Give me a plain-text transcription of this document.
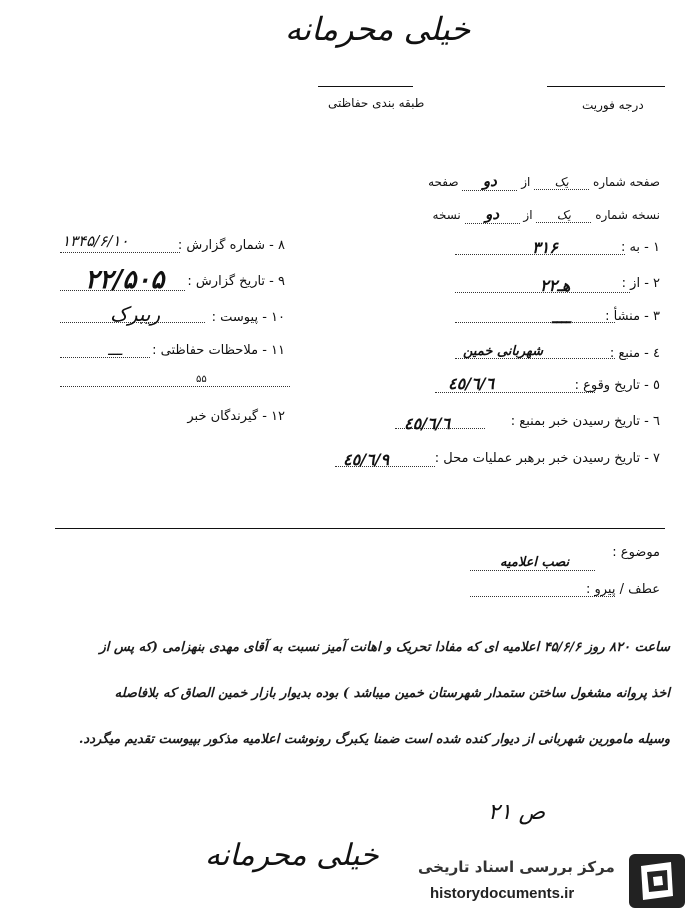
خیلی محرمانه
طبقه بندی حفاظتی	درجه فوریت
صفحه شماره یک از دو صفحه
نسخه شماره یک از دو نسخه
۸ - شماره گزارش :
۱۳۴۵/۶/۱۰
۹ - تاریخ گزارش :
۲۲/۵۰۵
۱۰ - پیوست :
ریبرک
۱۱ - ملاحظات حفاظتی :
ـــ
۵۵
۱۲ - گیرندگان خبر
۱ - به :
۳۱۶
۲ - از :
۲۲هـ
۳ - منشأ :
ــــ
٤ - منبع :
شهربانی خمین
٥ - تاریخ وقوع :
٤٥/٦/٦
٦ - تاریخ رسیدن خبر بمنبع :
٤٥/٦/٦
٧ - تاریخ رسیدن خبر برهبر عملیات محل :
٤٥/٦/٩
موضوع :
نصب اعلامیه
عطف / پیرو :
ساعت ۸۲۰ روز ۴۵/۶/۶ اعلامیه ای که مفادا تحریک و اهانت آمیز نسبت به آقای مهدی بنهزامی (که پس از
اخذ پروانه مشغول ساختن ستمدار شهرستان خمین میباشد ) بوده بدیوار بازار خمین الصاق که بلافاصله
وسیله مامورین شهربانی از دیوار کنده شده است ضمنا یکبرگ رونوشت اعلامیه مذکور بپیوست تقدیم میگردد.
ص ۲۱
خیلی محرمانه	مرکز بررسی اسناد تاریخی
historydocuments.ir
